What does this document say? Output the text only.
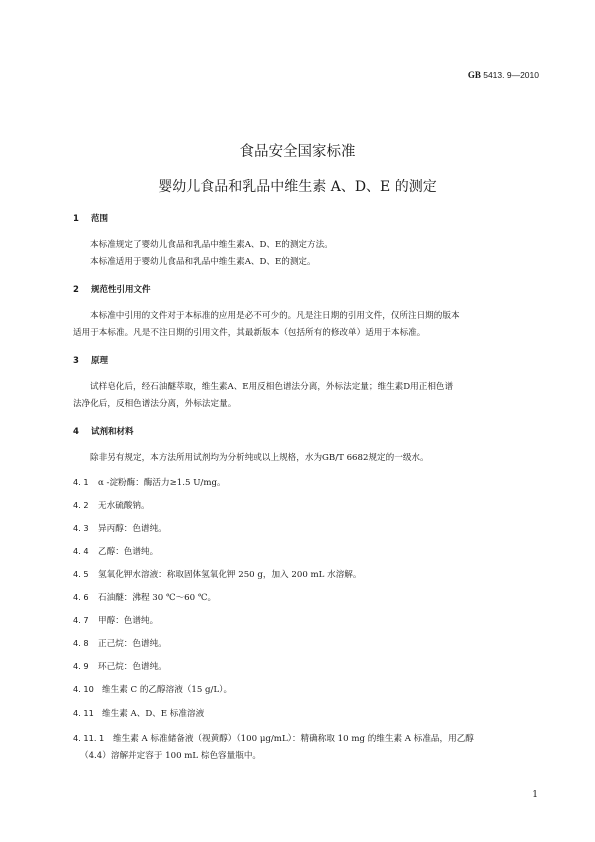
GB 5413. 9—2010
食品安全国家标准
婴幼儿食品和乳品中维生素 A、D、E 的测定
1 范围
本标准规定了婴幼儿食品和乳品中维生素A、D、E的测定方法。
本标准适用于婴幼儿食品和乳品中维生素A、D、E的测定。
2 规范性引用文件
本标准中引用的文件对于本标准的应用是必不可少的。凡是注日期的引用文件，仅所注日期的版本
适用于本标准。凡是不注日期的引用文件，其最新版本（包括所有的修改单）适用于本标准。
3 原理
试样皂化后，经石油醚萃取，维生素A、E用反相色谱法分离，外标法定量；维生素D用正相色谱
法净化后，反相色谱法分离，外标法定量。
4 试剂和材料
除非另有规定，本方法所用试剂均为分析纯或以上规格，水为GB/T 6682规定的一级水。
4. 1 α -淀粉酶：酶活力≥1.5 U/mg。
4. 2 无水硫酸钠。
4. 3 异丙醇：色谱纯。
4. 4 乙醇：色谱纯。
4. 5 氢氧化钾水溶液：称取固体氢氧化钾 250 g，加入 200 mL 水溶解。
4. 6 石油醚：沸程 30 ℃～60 ℃。
4. 7 甲醇：色谱纯。
4. 8 正己烷：色谱纯。
4. 9 环己烷：色谱纯。
4. 10 维生素 C 的乙醇溶液（15 g/L）。
4. 11 维生素 A、D、E 标准溶液
4. 11. 1 维生素 A 标准储备液（视黄醇）（100 μg/mL）：精确称取 10 mg 的维生素 A 标准品，用乙醇
（4.4）溶解并定容于 100 mL 棕色容量瓶中。
1
